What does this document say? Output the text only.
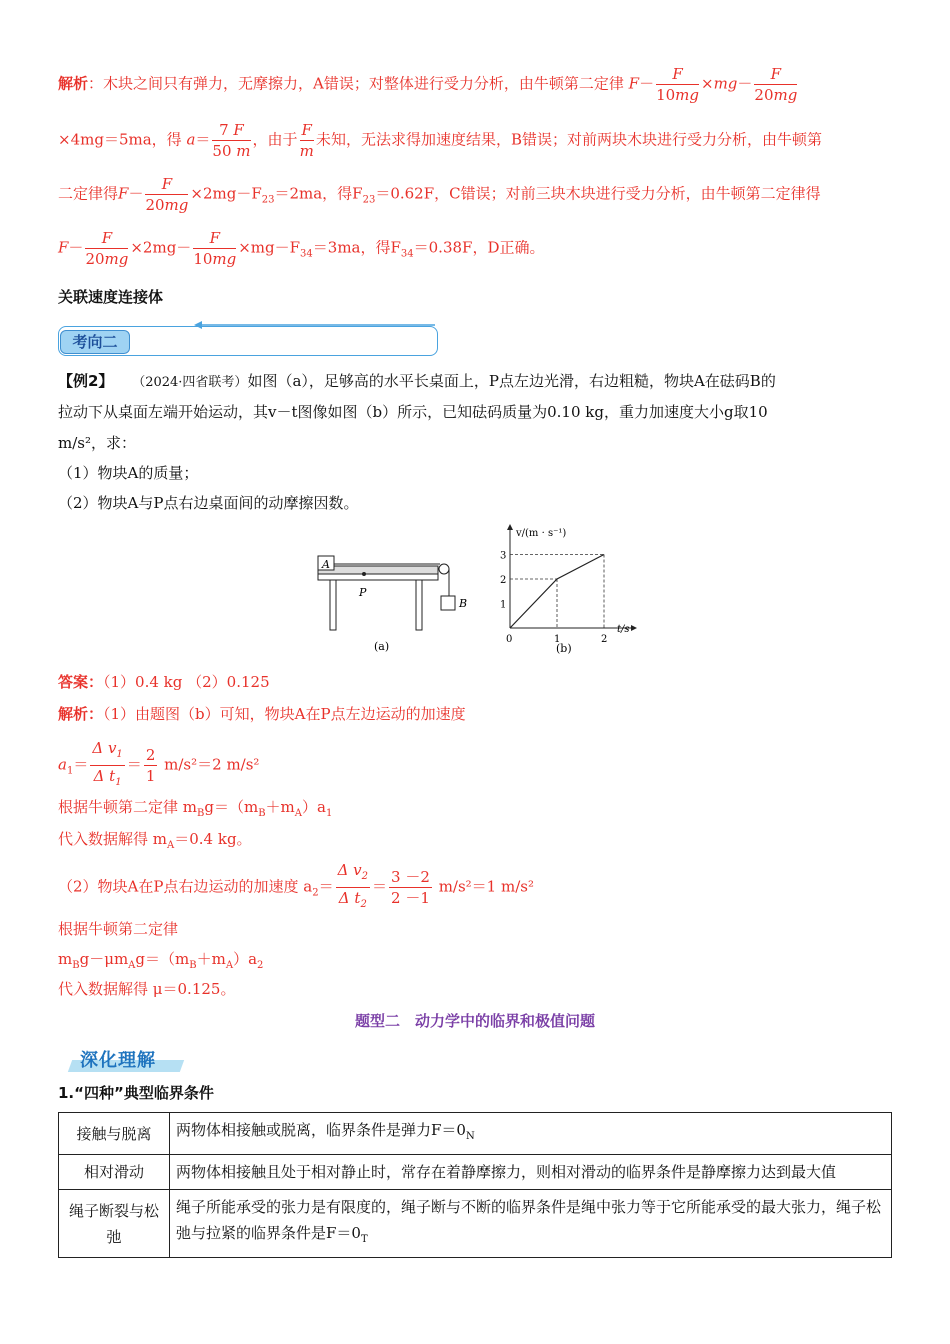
解析：木块之间只有弹力，无摩擦力，A错误；对整体进行受力分析，由牛顿第二定律 $F- \frac{F}{10mg} \times mg- \frac{F}{20mg}$
×4mg＝5ma，得 $a= \frac{7 F}{50 m}$ ，由于 $\frac{F}{m}$ 未知，无法求得加速度结果，B错误；对前两块木块进行受力分析，由牛顿第
二定律得$F- \frac{F}{20mg} \times 2mg-F_{23}=2ma$，得$F_{23}=0.62F$，C错误；对前三块木块进行受力分析，由牛顿第二定律得
$F- \frac{F}{20mg} \times 2mg- \frac{F}{10mg} \times mg-F_{34}=3ma$，得$F_{34}=0.38F$，D正确。
关联速度连接体
考向二
【例2】 （2024·四省联考）如图（a），足够高的水平长桌面上，P点左边光滑，右边粗糙，物块A在砝码B的
拉动下从桌面左端开始运动，其v－t图像如图（b）所示，已知砝码质量为0.10 kg，重力加速度大小g取10
m/s²，求：
（1）物块A的质量；
（2）物块A与P点右边桌面间的动摩擦因数。
A
B
P
(a)
v/(m · s⁻¹)
t/s
0
1
2
3
1	2
(b)
答案：（1）0.4 kg （2）0.125
解析：（1）由题图（b）可知，物块A在P点左边运动的加速度
$a_1= \frac{\Delta v_1}{\Delta t_1} = \frac{2}{1} m/s^2=2$ m/s²
根据牛顿第二定律 $m_Bg=(m_B+m_A)a_1$
代入数据解得 $m_A=0.4$ kg。
（2）物块A在P点右边运动的加速度 $a_2= \frac{\Delta v_2}{\Delta t_2} = \frac{3 -2}{2 -1} m/s^2=1$ m/s²
根据牛顿第二定律
$m_Bg-\mu m_Ag=(m_B+m_A)a_2$
代入数据解得 μ＝0.125。
题型二　动力学中的临界和极值问题
深化理解
1.“四种”典型临界条件
接触与脱离	两物体相接触或脱离，临界条件是弹力$F=0_N$
相对滑动	两物体相接触且处于相对静止时，常存在着静摩擦力，则相对滑动的临界条件是静摩擦力达到最大值
绳子断裂与松弛	绳子所能承受的张力是有限度的，绳子断与不断的临界条件是绳中张力等于它所能承受的最大张力，绳子松弛与拉紧的临界条件是$F=0_T$
